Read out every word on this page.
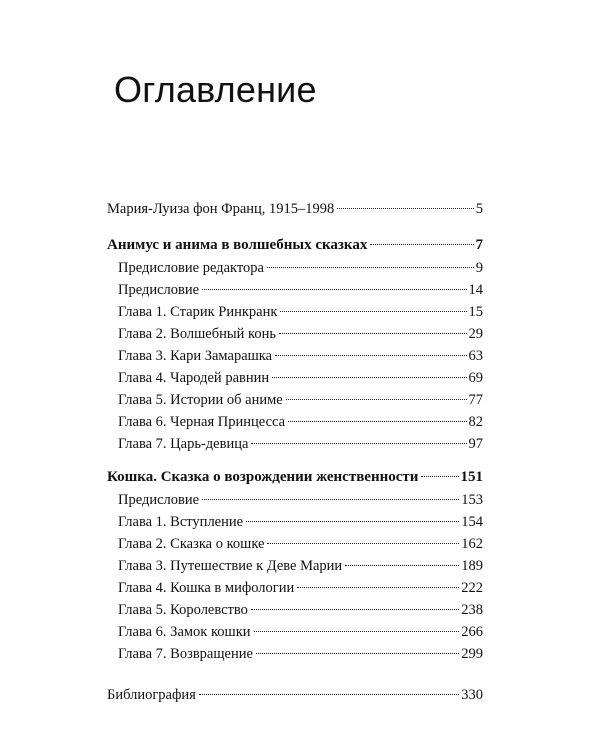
Оглавление
Мария-Луиза фон Франц, 1915–1998	5
Анимус и анима в волшебных сказках	7
Предисловие редактора	9
Предисловие	14
Глава 1. Старик Ринкранк	15
Глава 2. Волшебный конь	29
Глава 3. Кари Замарашка	63
Глава 4. Чародей равнин	69
Глава 5. Истории об аниме	77
Глава 6. Черная Принцесса	82
Глава 7. Царь-девица	97
Кошка. Сказка о возрождении женственности	151
Предисловие	153
Глава 1. Вступление	154
Глава 2. Сказка о кошке	162
Глава 3. Путешествие к Деве Марии	189
Глава 4. Кошка в мифологии	222
Глава 5. Королевство	238
Глава 6. Замок кошки	266
Глава 7. Возвращение	299
Библиография	330
